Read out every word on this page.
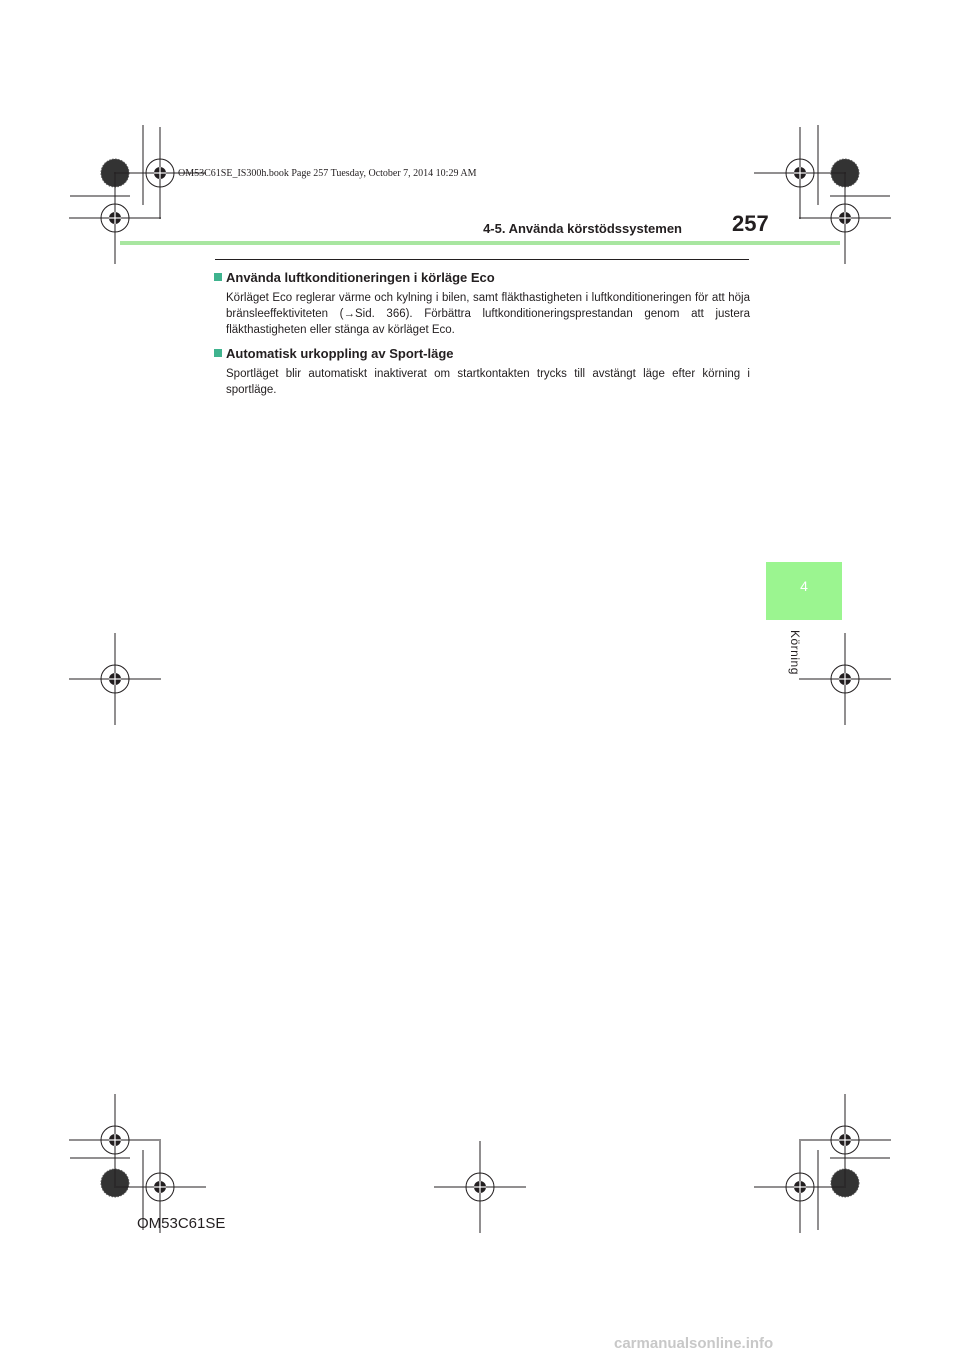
OM53C61SE_IS300h.book Page 257 Tuesday, October 7, 2014 10:29 AM
4-5. Använda körstödssystemen 257
4
Körning
Använda luftkonditioneringen i körläge Eco
Körläget Eco reglerar värme och kylning i bilen, samt fläkthastigheten i luftkonditioneringen för att höja bränsleeffektiviteten (→Sid. 366). Förbättra luftkonditioneringsprestandan genom att justera fläkthastigheten eller stänga av körläget Eco.
Automatisk urkoppling av Sport-läge
Sportläget blir automatiskt inaktiverat om startkontakten trycks till avstängt läge efter körning i sportläge.
OM53C61SE
carmanualsonline.info
